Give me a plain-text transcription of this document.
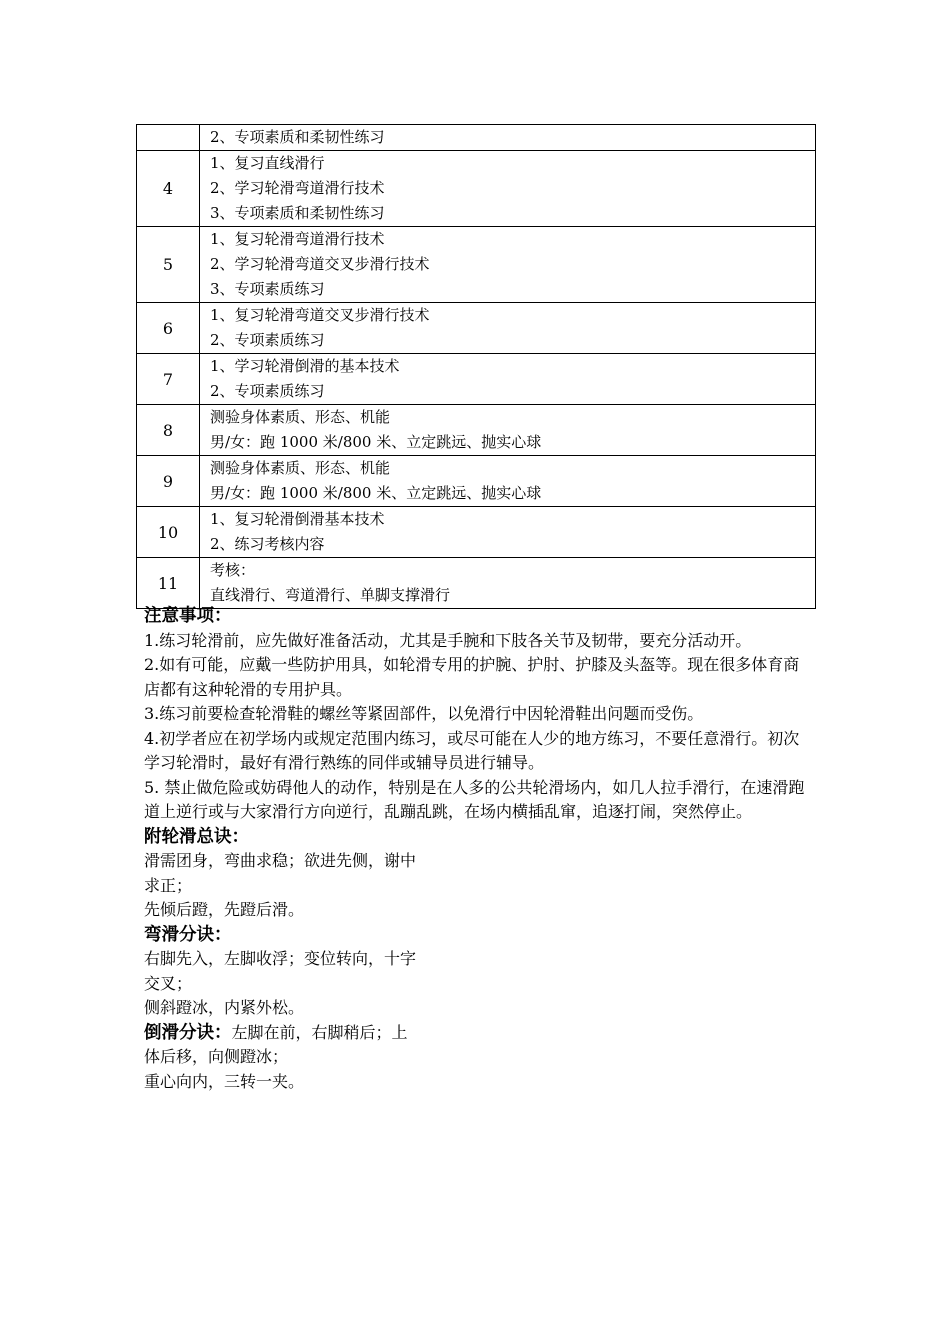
	2、专项素质和柔韧性练习

4	1、复习直线滑行
2、学习轮滑弯道滑行技术
3、专项素质和柔韧性练习

5	1、复习轮滑弯道滑行技术
2、学习轮滑弯道交叉步滑行技术
3、专项素质练习

6	1、复习轮滑弯道交叉步滑行技术
2、专项素质练习

7	1、学习轮滑倒滑的基本技术
2、专项素质练习

8	测验身体素质、形态、机能
男/女：跑 1000 米/800 米、立定跳远、抛实心球

9	测验身体素质、形态、机能
男/女：跑 1000 米/800 米、立定跳远、抛实心球

10	1、复习轮滑倒滑基本技术
2、练习考核内容

11	考核：
直线滑行、弯道滑行、单脚支撑滑行
注意事项：

1.练习轮滑前，应先做好准备活动，尤其是手腕和下肢各关节及韧带，要充分活动开。

2.如有可能，应戴一些防护用具，如轮滑专用的护腕、护肘、护膝及头盔等。现在很多体育商店都有这种轮滑的专用护具。

3.练习前要检查轮滑鞋的螺丝等紧固部件，以免滑行中因轮滑鞋出问题而受伤。

4.初学者应在初学场内或规定范围内练习，或尽可能在人少的地方练习，不要任意滑行。初次学习轮滑时，最好有滑行熟练的同伴或辅导员进行辅导。

5. 禁止做危险或妨碍他人的动作，特别是在人多的公共轮滑场内，如几人拉手滑行，在速滑跑道上逆行或与大家滑行方向逆行，乱蹦乱跳，在场内横插乱窜，追逐打闹，突然停止。

附轮滑总诀：
滑需团身，弯曲求稳；欲进先侧，谢中
求正；
先倾后蹬，先蹬后滑。
弯滑分诀：
右脚先入，左脚收浮；变位转向，十字
交叉；
侧斜蹬冰，内紧外松。
倒滑分诀：左脚在前，右脚稍后；上
体后移，向侧蹬冰；
重心向内，三转一夹。
